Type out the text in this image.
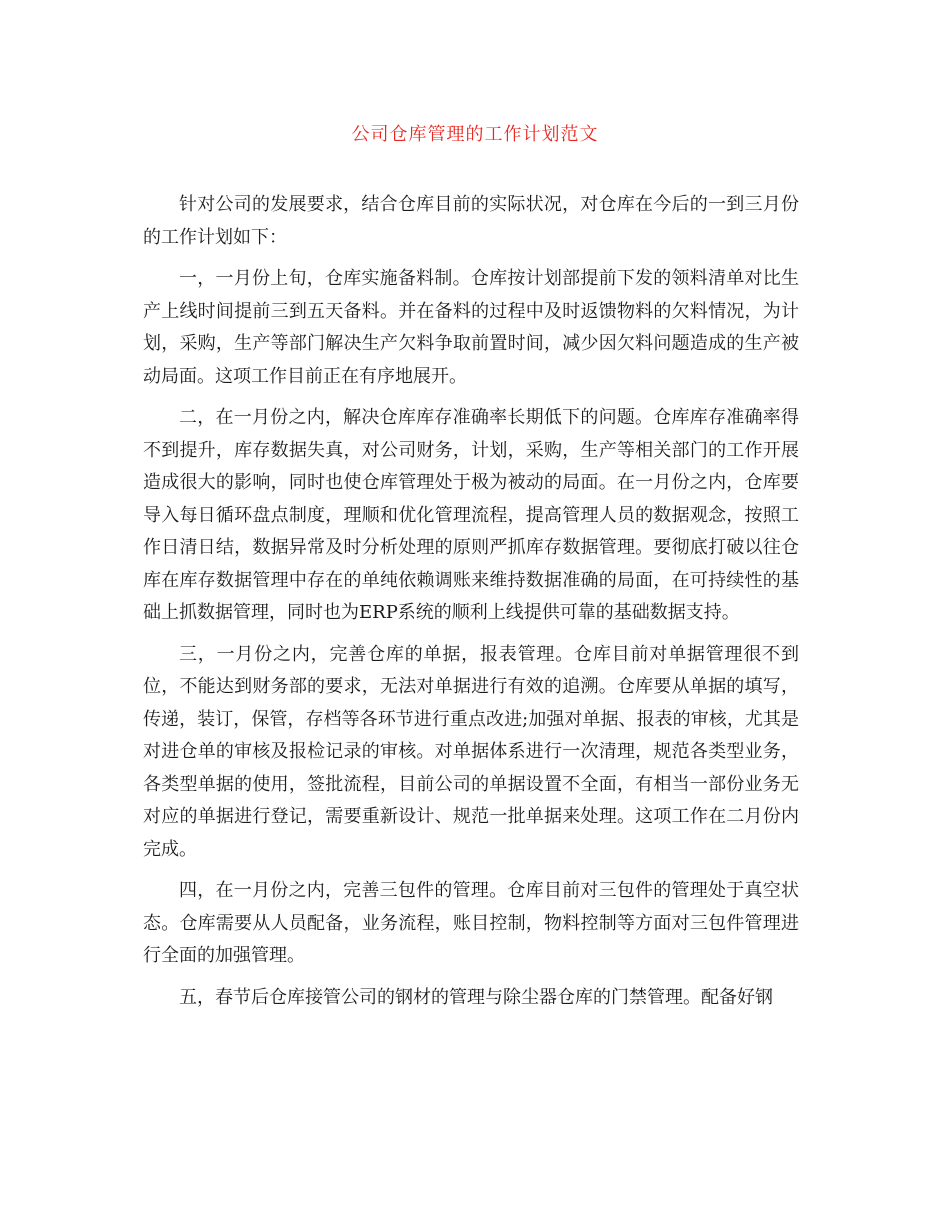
公司仓库管理的工作计划范文

针对公司的发展要求，结合仓库目前的实际状况，对仓库在今后的一到三月份的工作计划如下：

一，一月份上旬，仓库实施备料制。仓库按计划部提前下发的领料清单对比生产上线时间提前三到五天备料。并在备料的过程中及时返馈物料的欠料情况，为计划，采购，生产等部门解决生产欠料争取前置时间，减少因欠料问题造成的生产被动局面。这项工作目前正在有序地展开。

二，在一月份之内，解决仓库库存准确率长期低下的问题。仓库库存准确率得不到提升，库存数据失真，对公司财务，计划，采购，生产等相关部门的工作开展造成很大的影响，同时也使仓库管理处于极为被动的局面。在一月份之内，仓库要导入每日循环盘点制度，理顺和优化管理流程，提高管理人员的数据观念，按照工作日清日结，数据异常及时分析处理的原则严抓库存数据管理。要彻底打破以往仓库在库存数据管理中存在的单纯依赖调账来维持数据准确的局面，在可持续性的基础上抓数据管理，同时也为ERP系统的顺利上线提供可靠的基础数据支持。

三，一月份之内，完善仓库的单据，报表管理。仓库目前对单据管理很不到位，不能达到财务部的要求，无法对单据进行有效的追溯。仓库要从单据的填写，传递，装订，保管，存档等各环节进行重点改进;加强对单据、报表的审核，尤其是对进仓单的审核及报检记录的审核。对单据体系进行一次清理，规范各类型业务，各类型单据的使用，签批流程，目前公司的单据设置不全面，有相当一部份业务无对应的单据进行登记，需要重新设计、规范一批单据来处理。这项工作在二月份内完成。

四，在一月份之内，完善三包件的管理。仓库目前对三包件的管理处于真空状态。仓库需要从人员配备，业务流程，账目控制，物料控制等方面对三包件管理进行全面的加强管理。

五，春节后仓库接管公司的钢材的管理与除尘器仓库的门禁管理。配备好钢
